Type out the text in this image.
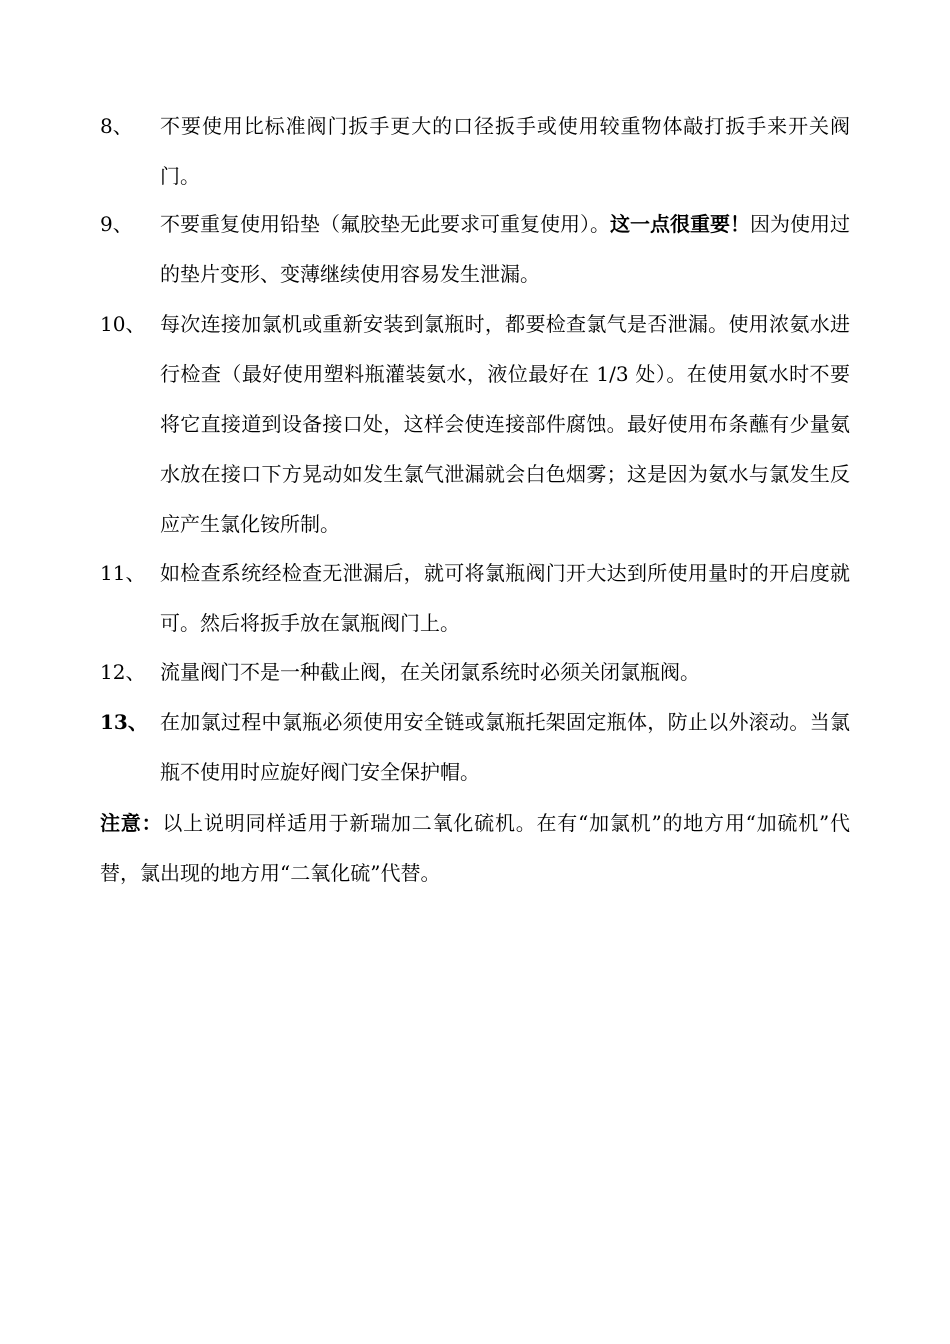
8、	不要使用比标准阀门扳手更大的口径扳手或使用较重物体敲打扳手来开关阀门。
9、	不要重复使用铅垫（氟胶垫无此要求可重复使用）。这一点很重要！因为使用过的垫片变形、变薄继续使用容易发生泄漏。
10、 每次连接加氯机或重新安装到氯瓶时，都要检查氯气是否泄漏。使用浓氨水进行检查（最好使用塑料瓶灌装氨水，液位最好在 1/3 处）。在使用氨水时不要将它直接道到设备接口处，这样会使连接部件腐蚀。最好使用布条蘸有少量氨水放在接口下方晃动如发生氯气泄漏就会白色烟雾；这是因为氨水与氯发生反应产生氯化铵所制。
11、 如检查系统经检查无泄漏后，就可将氯瓶阀门开大达到所使用量时的开启度就可。然后将扳手放在氯瓶阀门上。
12、 流量阀门不是一种截止阀，在关闭氯系统时必须关闭氯瓶阀。
13、 在加氯过程中氯瓶必须使用安全链或氯瓶托架固定瓶体，防止以外滚动。当氯瓶不使用时应旋好阀门安全保护帽。
注意：以上说明同样适用于新瑞加二氧化硫机。在有“加氯机”的地方用“加硫机”代替，氯出现的地方用“二氧化硫”代替。
